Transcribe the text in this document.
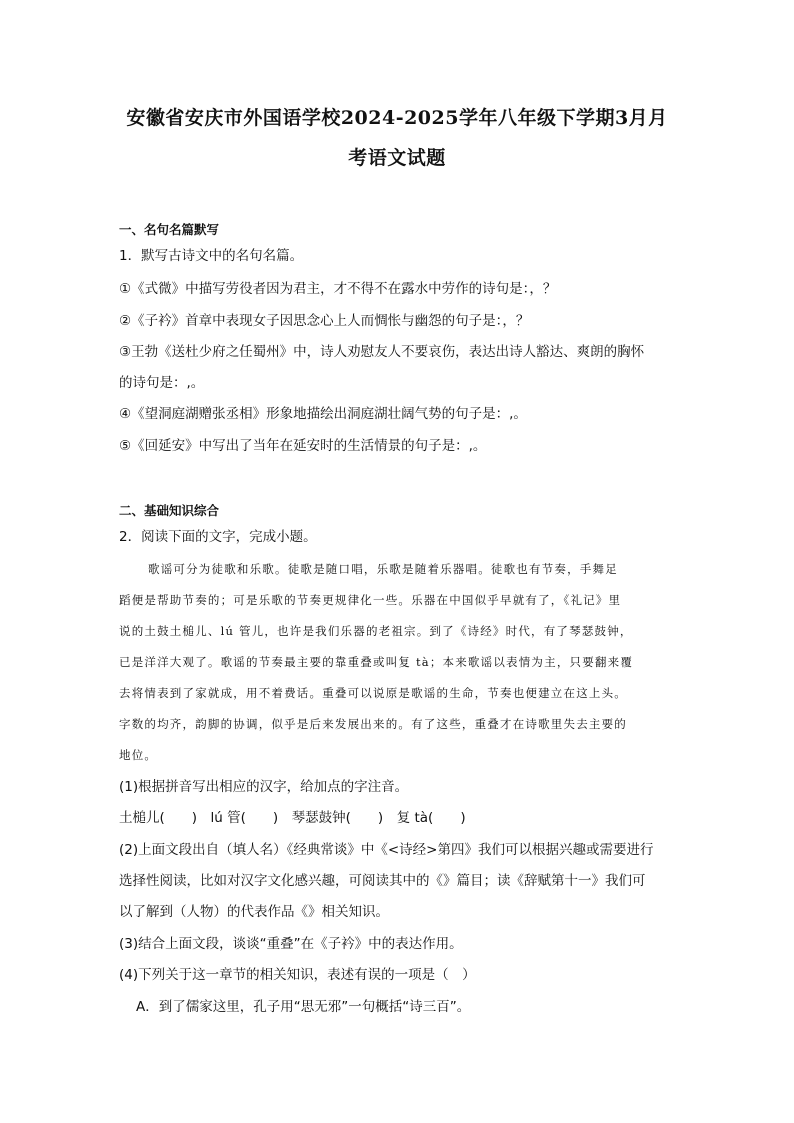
安徽省安庆市外国语学校2024-2025学年八年级下学期3月月
考语文试题
一、名句名篇默写
1．默写古诗文中的名句名篇。
①《式微》中描写劳役者因为君主，才不得不在露水中劳作的诗句是：，？
②《子衿》首章中表现女子因思念心上人而惆怅与幽怨的句子是：，？
③王勃《送杜少府之任蜀州》中，诗人劝慰友人不要哀伤，表达出诗人豁达、爽朗的胸怀
的诗句是：,。
④《望洞庭湖赠张丞相》形象地描绘出洞庭湖壮阔气势的句子是：,。
⑤《回延安》中写出了当年在延安时的生活情景的句子是：,。
二、基础知识综合
2．阅读下面的文字，完成小题。
歌谣可分为徒歌和乐歌。徒歌是随口唱，乐歌是随着乐器唱。徒歌也有节奏，手舞足
蹈便是帮助节奏的；可是乐歌的节奏更规律化一些。乐器在中国似乎早就有了，《礼记》里
说的土鼓土槌儿、lú 管儿，也许是我们乐器的老祖宗。到了《诗经》时代，有了琴瑟鼓钟，
已是洋洋大观了。歌谣的节奏最主要的靠重叠或叫复 tà；本来歌谣以表情为主，只要翻来覆
去将情表到了家就成，用不着费话。重叠可以说原是歌谣的生命，节奏也便建立在这上头。
字数的均齐，韵脚的协调，似乎是后来发展出来的。有了这些，重叠才在诗歌里失去主要的
地位。
(1)根据拼音写出相应的汉字，给加点的字注音。
土槌儿(　　)　lú 管(　　)　琴瑟鼓钟(　　)　复 tà(　　)
(2)上面文段出自（填人名）《经典常谈》中《<诗经>第四》我们可以根据兴趣或需要进行
选择性阅读，比如对汉字文化感兴趣，可阅读其中的《》篇目；读《辞赋第十一》我们可
以了解到（人物）的代表作品《》相关知识。
(3)结合上面文段，谈谈“重叠”在《子衿》中的表达作用。
(4)下列关于这一章节的相关知识，表述有误的一项是（　）
A．到了儒家这里，孔子用“思无邪”一句概括“诗三百”。
